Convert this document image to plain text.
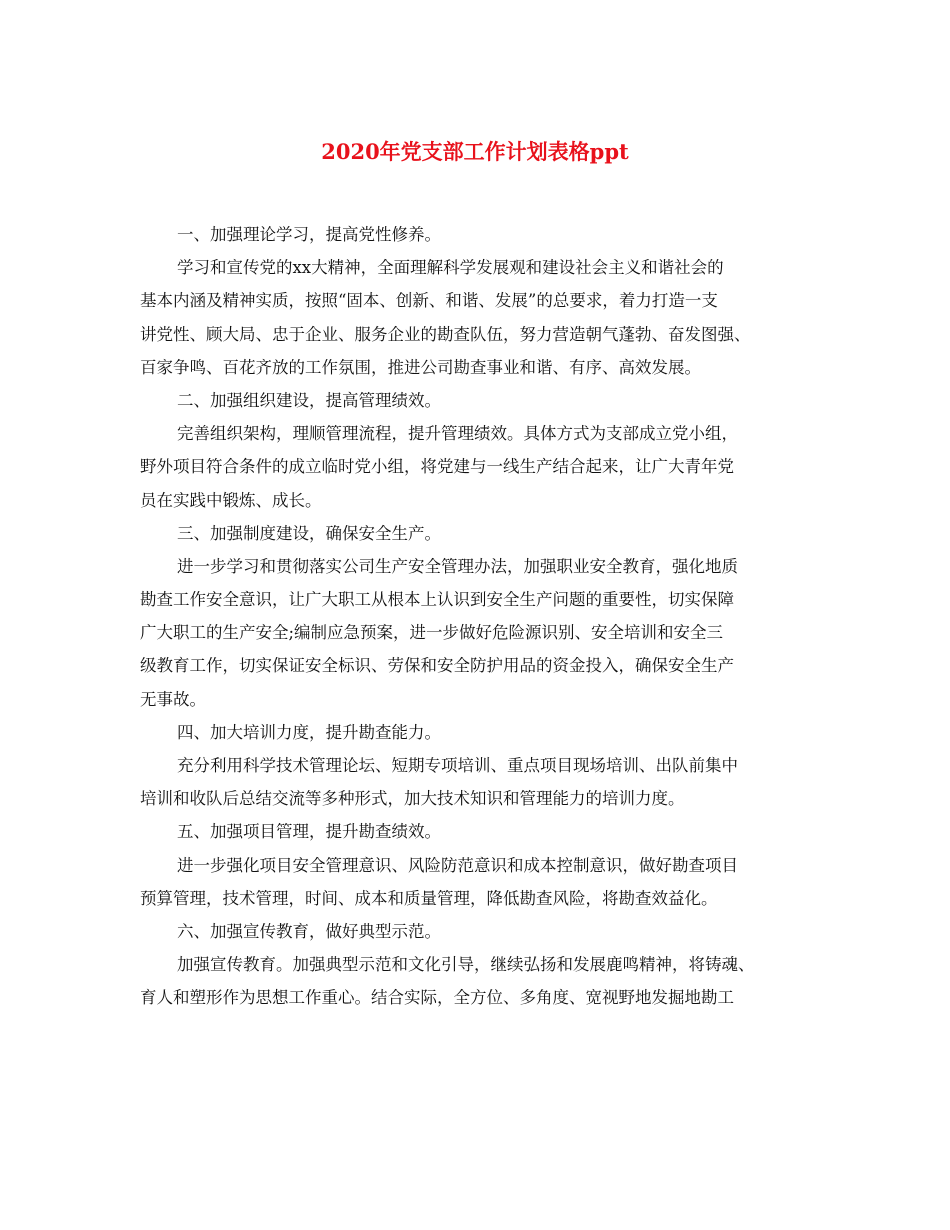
2020年党支部工作计划表格ppt
一、加强理论学习，提高党性修养。
学习和宣传党的xx大精神，全面理解科学发展观和建设社会主义和谐社会的
基本内涵及精神实质，按照“固本、创新、和谐、发展”的总要求，着力打造一支
讲党性、顾大局、忠于企业、服务企业的勘查队伍，努力营造朝气蓬勃、奋发图强、
百家争鸣、百花齐放的工作氛围，推进公司勘查事业和谐、有序、高效发展。
二、加强组织建设，提高管理绩效。
完善组织架构，理顺管理流程，提升管理绩效。具体方式为支部成立党小组，
野外项目符合条件的成立临时党小组，将党建与一线生产结合起来，让广大青年党
员在实践中锻炼、成长。
三、加强制度建设，确保安全生产。
进一步学习和贯彻落实公司生产安全管理办法，加强职业安全教育，强化地质
勘查工作安全意识，让广大职工从根本上认识到安全生产问题的重要性，切实保障
广大职工的生产安全;编制应急预案，进一步做好危险源识别、安全培训和安全三
级教育工作，切实保证安全标识、劳保和安全防护用品的资金投入，确保安全生产
无事故。
四、加大培训力度，提升勘查能力。
充分利用科学技术管理论坛、短期专项培训、重点项目现场培训、出队前集中
培训和收队后总结交流等多种形式，加大技术知识和管理能力的培训力度。
五、加强项目管理，提升勘查绩效。
进一步强化项目安全管理意识、风险防范意识和成本控制意识，做好勘查项目
预算管理，技术管理，时间、成本和质量管理，降低勘查风险，将勘查效益化。
六、加强宣传教育，做好典型示范。
加强宣传教育。加强典型示范和文化引导，继续弘扬和发展鹿鸣精神，将铸魂、
育人和塑形作为思想工作重心。结合实际，全方位、多角度、宽视野地发掘地勘工
